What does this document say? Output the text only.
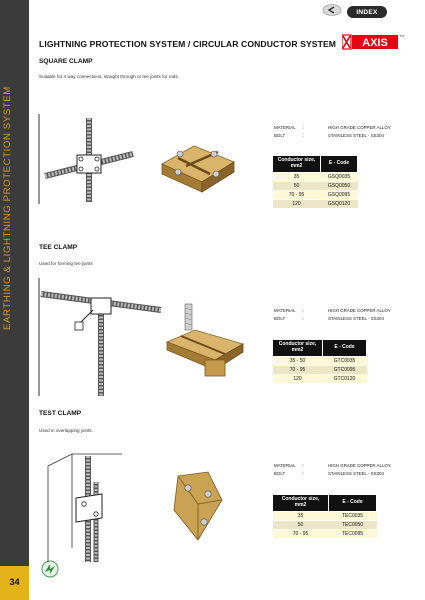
34
INDEX
LIGHTNING PROTECTION SYSTEM / CIRCULAR CONDUCTOR SYSTEM AXIS
TM
SQUARE CLAMP
Suitable for 4 way connections, straight through or tee joints for rods.
MATERIAL :	HIGH GRADE COPPER ALLOY
BOLT	:	STAINLESS STEEL - SS304
Conductor size, mm2	E - Code
35	GSQ0035
50	GSQ0050
70 - 95	GSQ0095
120	GSQ0120
TEE CLAMP
Used for forming tee joints
MATERIAL :	HIGH GRADE COPPER ALLOY
BOLT	:	STAINLESS STEEL - SS304
Conductor size, mm2	E - Code
35 - 50	GTC0035
70 - 95	GTC0095
120	GTC0120
TEST CLAMP
Used in overlapping joints.
MATERIAL :	HIGH GRADE COPPER ALLOY
BOLT	:	STAINLESS STEEL - SS304
Conductor size, mm2	E - Code
35	TEC0035
50	TEC0050
70 - 95	TEC0095
